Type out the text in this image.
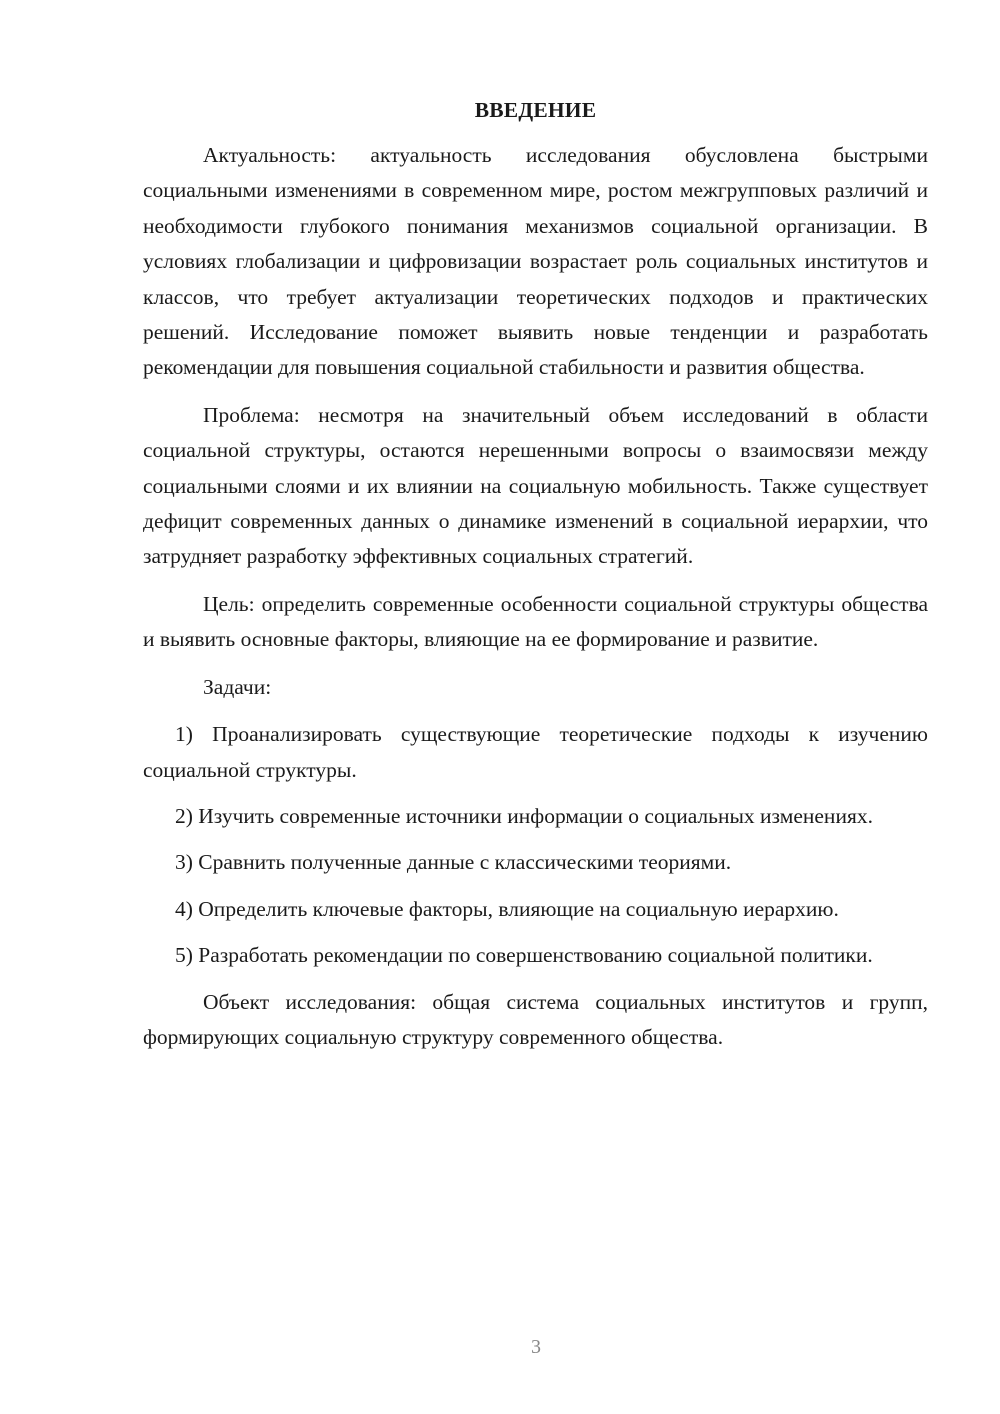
ВВЕДЕНИЕ

Актуальность: актуальность исследования обусловлена быстрыми социальными изменениями в современном мире, ростом межгрупповых различий и необходимости глубокого понимания механизмов социальной организации. В условиях глобализации и цифровизации возрастает роль социальных институтов и классов, что требует актуализации теоретических подходов и практических решений. Исследование поможет выявить новые тенденции и разработать рекомендации для повышения социальной стабильности и развития общества.

Проблема: несмотря на значительный объем исследований в области социальной структуры, остаются нерешенными вопросы о взаимосвязи между социальными слоями и их влиянии на социальную мобильность. Также существует дефицит современных данных о динамике изменений в социальной иерархии, что затрудняет разработку эффективных социальных стратегий.

Цель: определить современные особенности социальной структуры общества и выявить основные факторы, влияющие на ее формирование и развитие.

Задачи:

1) Проанализировать существующие теоретические подходы к изучению социальной структуры.

2) Изучить современные источники информации о социальных изменениях.

3) Сравнить полученные данные с классическими теориями.

4) Определить ключевые факторы, влияющие на социальную иерархию.

5) Разработать рекомендации по совершенствованию социальной политики.

Объект исследования: общая система социальных институтов и групп, формирующих социальную структуру современного общества.

3
